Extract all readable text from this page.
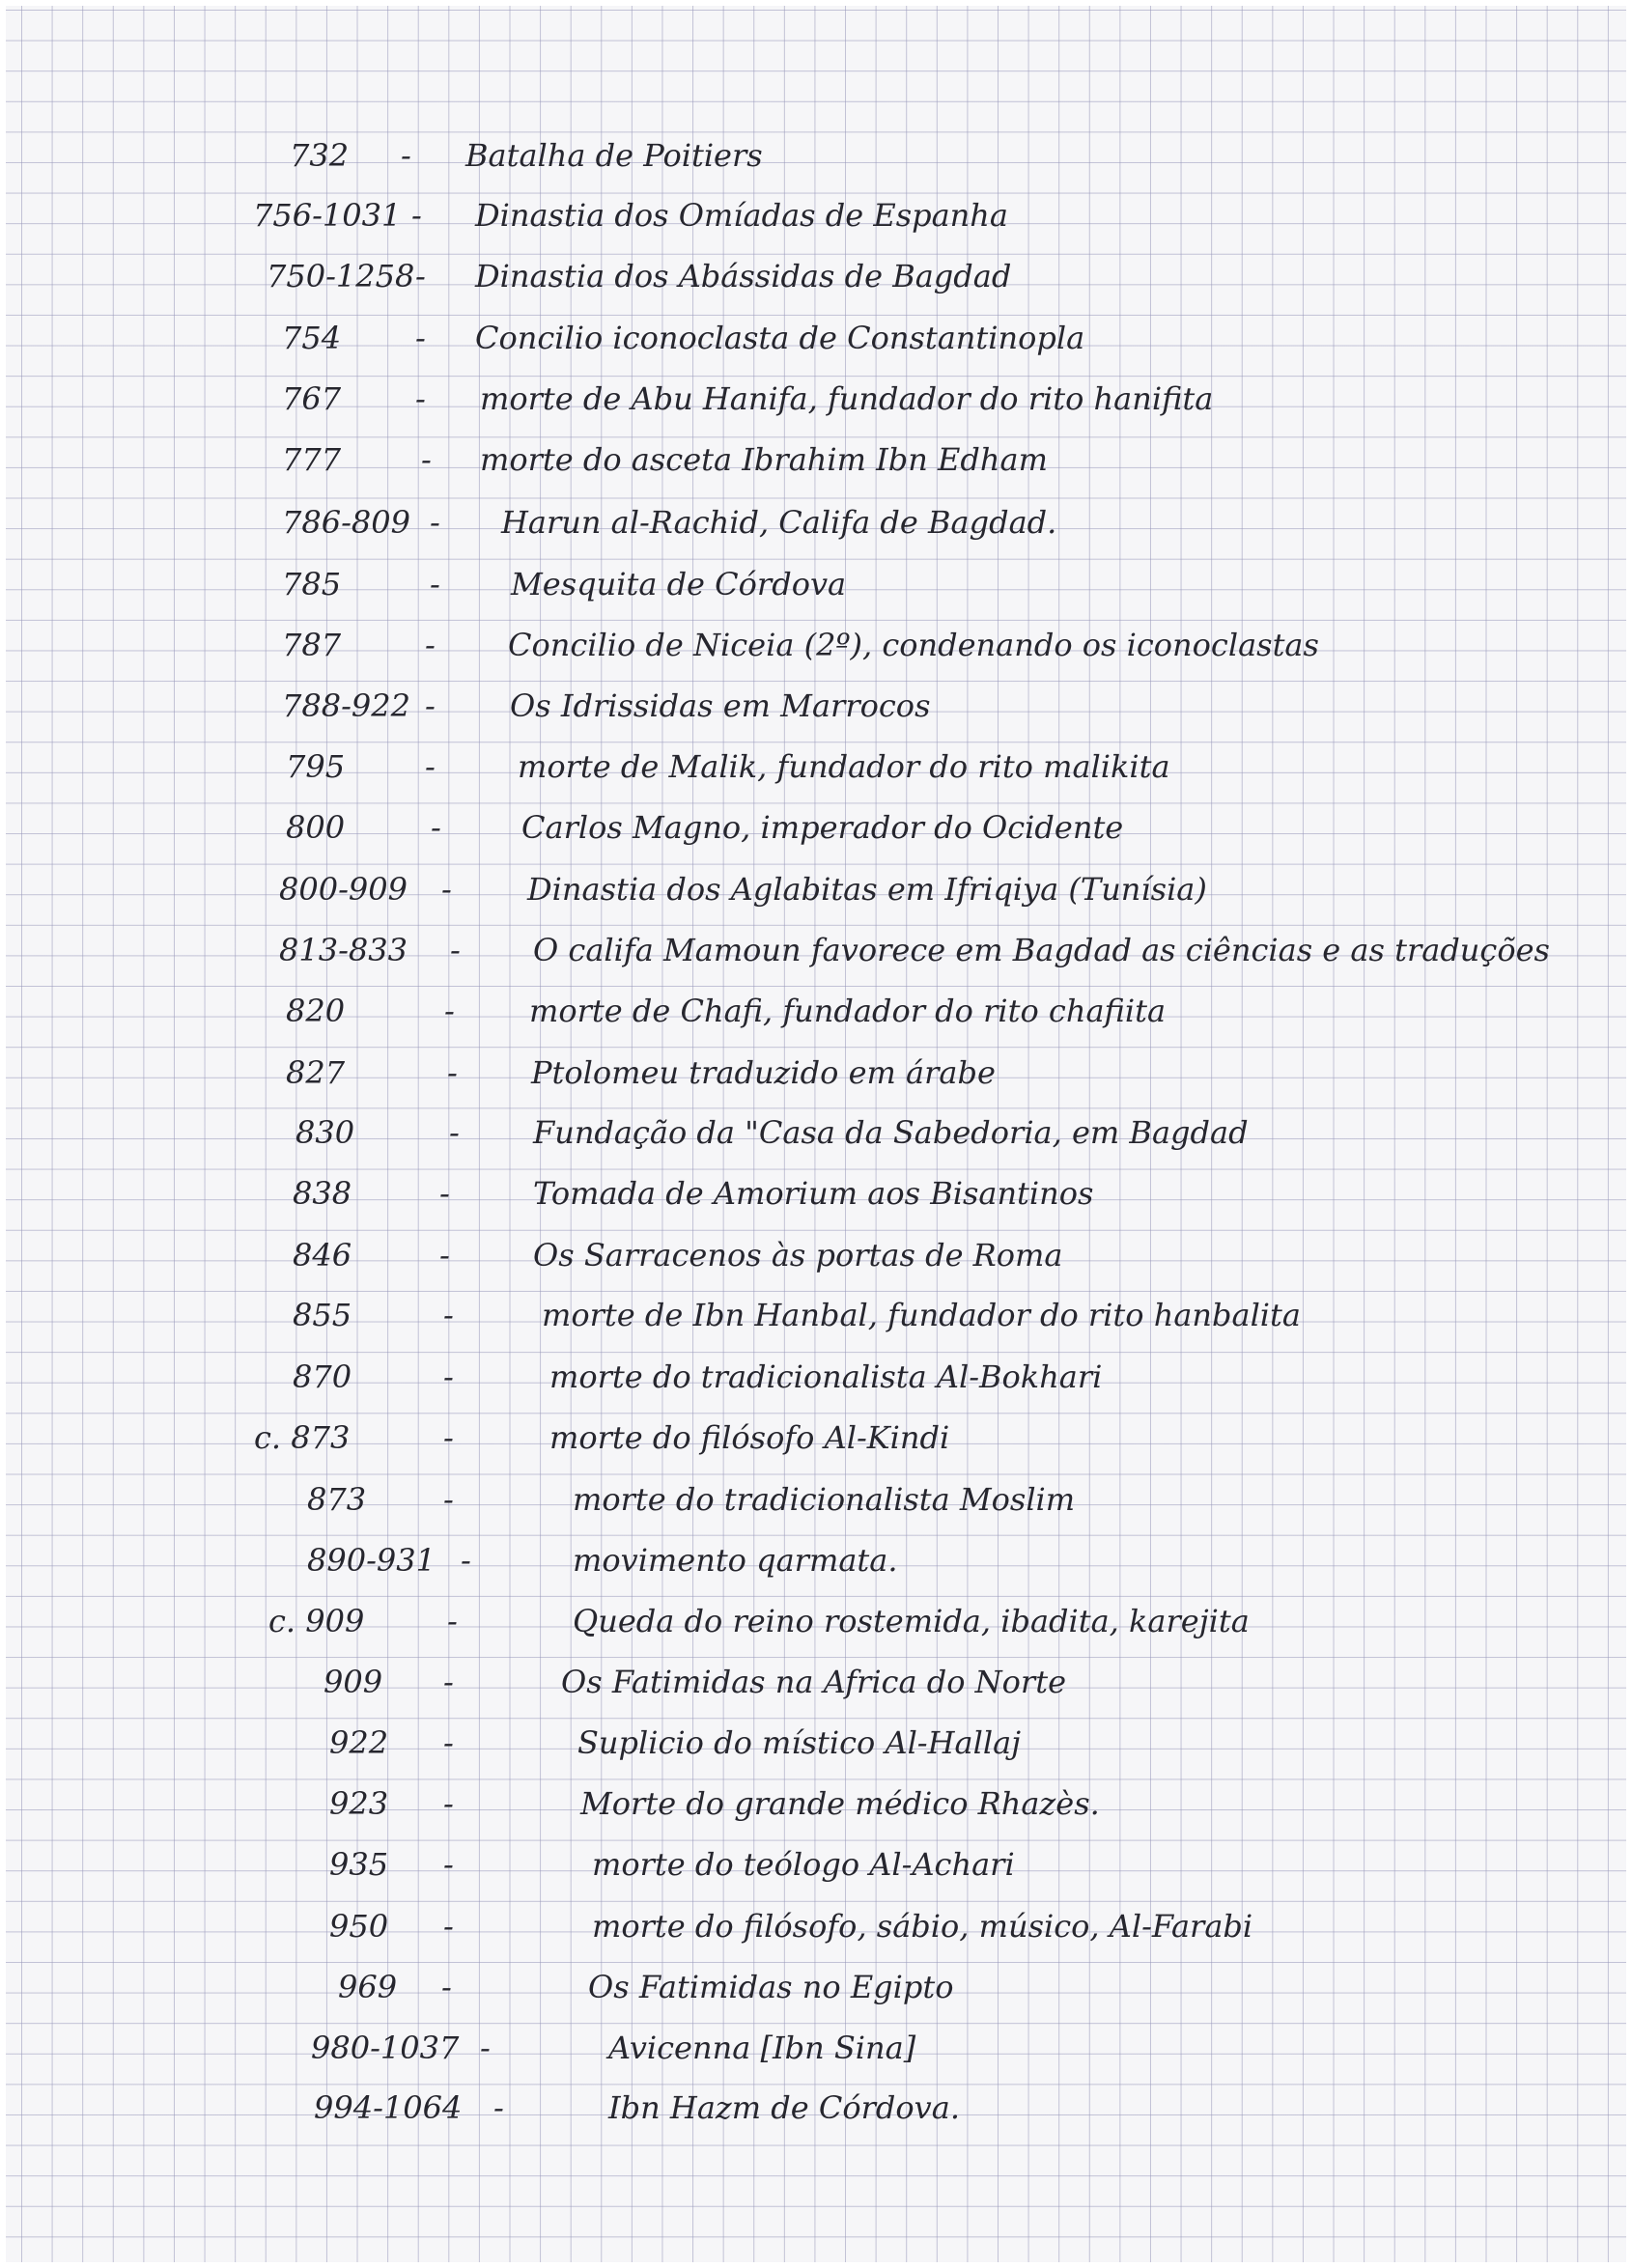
732 - Batalha de Poitiers
756-1031 - Dinastia dos Omíadas de Espanha
750-1258 - Dinastia dos Abássidas de Bagdad
754 - Concilio iconoclasta de Constantinopla
767 - morte de Abu Hanifa, fundador do rito hanifita
777	- morte do asceta Ibrahim Ibn Edham
786-809 - Harun al-Rachid, Califa de Bagdad.
785	- Mesquita de Córdova
787	- Concilio de Niceia (2º), condenando os iconoclastas
788-922 - Os Idrissidas em Marrocos
795	-	morte de Malik, fundador do rito malikita
800	-	Carlos Magno, imperador do Ocidente
800-909 - Dinastia dos Aglabitas em Ifriqiya (Tunísia)
813-833 - O califa Mamoun favorece em Bagdad as ciências e as traduções
820	- morte de Chafi, fundador do rito chafiita
827	- Ptolomeu traduzido em árabe
830	- Fundação da "Casa da Sabedoria, em Bagdad
838	-	Tomada de Amorium aos Bisantinos
846	-	Os Sarracenos às portas de Roma
855	-	morte de Ibn Hanbal, fundador do rito hanbalita
870	-	morte do tradicionalista Al-Bokhari
c. 873	-	morte do filósofo Al-Kindi
873 -	morte do tradicionalista Moslim
890-931 -	movimento qarmata.
c. 909	-	Queda do reino rostemida, ibadita, karejita
909 -	Os Fatimidas na Africa do Norte
922 -	Suplicio do místico Al-Hallaj
923 -	Morte do grande médico Rhazès.
935 -	morte do teólogo Al-Achari
950 -	morte do filósofo, sábio, músico, Al-Farabi
969 -	Os Fatimidas no Egipto
980-1037 -	Avicenna [Ibn Sina]
994-1064 -	Ibn Hazm de Córdova.
